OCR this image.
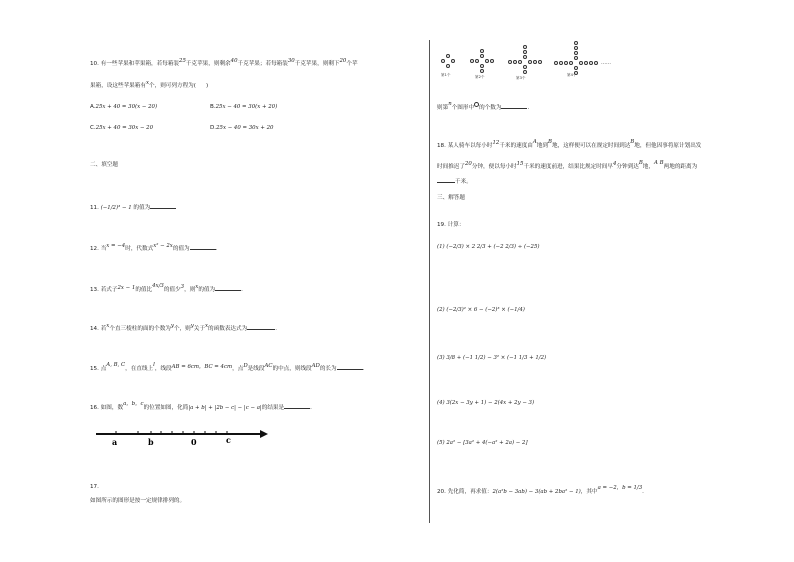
10. 有一些苹果和苹果箱，若每箱装25千克苹果，则剩余40千克苹果；若每箱装30千克苹果，则剩下20个苹
果箱，设这些苹果箱有x个，则可列方程为( )
A.25x + 40 = 30(x − 20)	B.25x − 40 = 30(x + 20)
C.25x + 40 = 30x − 20	D.25x − 40 = 30x + 20
二、填空题
11. (−1/2)³ − 1 的值为
12. 当x = −4时，代数式x² − 2x的值为	.
13. 若式子2x − 1的值比4x/3的值少3，则x的值为	.
14. 若x个直三棱柱的面的个数为y个，则y关于x的函数表达式为	.
15. 点A, B, C，在直线上l，线段AB = 6cm，BC = 4cm，点D是线段AC的中点，则线段AD的长为	.
16. 如图，数a，b，c的位置如图，化简|a + b| + |2b − c| − |c − a|的结果是	.
a	b	0	c
17.
如图所示的图形是按一定规律排列的。
第1个	第2个	第3个
第4个
……
则第n个图形中 的个数为	.
18. 某人骑车以每小时12千米的速度由A地到B地，这样便可以在规定时间到达B地，但他因事将原计划出发
时间推迟了20分钟，便以每小时15千米的速度前进，结果比规定时间早4分钟到达B地，A B两地的距离为
千米。
三、解答题
19. 计算：
(1) (−2/3) × 2 2/3 + (−2 2/3) ÷ (−25)
(2) (−2/3)² × 6 − (−2)³ × (−1/4)
(3) 3/8 + (−1 1/2) − 3² × (−1 1/3 + 1/2)
(4) 3(2x − 3y + 1) − 2(4x + 2y − 3)
(5) 2a² − [3a² + 4(−a² + 2a) − 2]
20. 先化简，再求值：2(a²b − 3ab) − 3(ab + 2ba² − 1)，其中a = −2，b = 1/3.
